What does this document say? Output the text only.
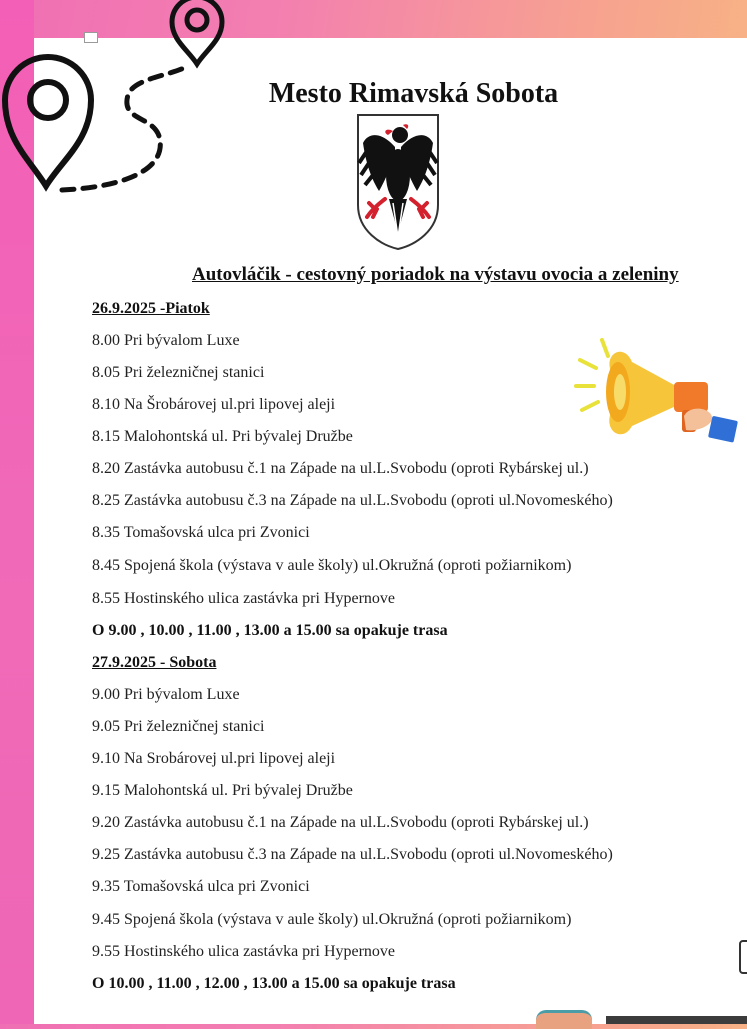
Mesto Rimavská Sobota
Autovláčik - cestovný poriadok na výstavu ovocia a zeleniny
26.9.2025 -Piatok
8.00 Pri bývalom Luxe
8.05 Pri železničnej stanici
8.10 Na Šrobárovej ul.pri lipovej aleji
8.15 Malohontská ul. Pri bývalej Družbe
8.20 Zastávka autobusu č.1 na Západe na ul.L.Svobodu (oproti Rybárskej ul.)
8.25 Zastávka autobusu č.3 na Západe na ul.L.Svobodu (oproti ul.Novomeského)
8.35 Tomašovská ulca pri Zvonici
8.45 Spojená škola (výstava v aule školy) ul.Okružná (oproti požiarnikom)
8.55 Hostinského ulica zastávka pri Hypernove
O 9.00 , 10.00 , 11.00 , 13.00 a 15.00 sa opakuje trasa
27.9.2025 - Sobota
9.00 Pri bývalom Luxe
9.05 Pri železničnej stanici
9.10 Na Srobárovej ul.pri lipovej aleji
9.15 Malohontská ul. Pri bývalej Družbe
9.20 Zastávka autobusu č.1 na Západe na ul.L.Svobodu (oproti Rybárskej ul.)
9.25 Zastávka autobusu č.3 na Západe na ul.L.Svobodu (oproti ul.Novomeského)
9.35 Tomašovská ulca pri Zvonici
9.45 Spojená škola (výstava v aule školy) ul.Okružná (oproti požiarnikom)
9.55 Hostinského ulica zastávka pri Hypernove
O 10.00 , 11.00 , 12.00 , 13.00 a 15.00 sa opakuje trasa
